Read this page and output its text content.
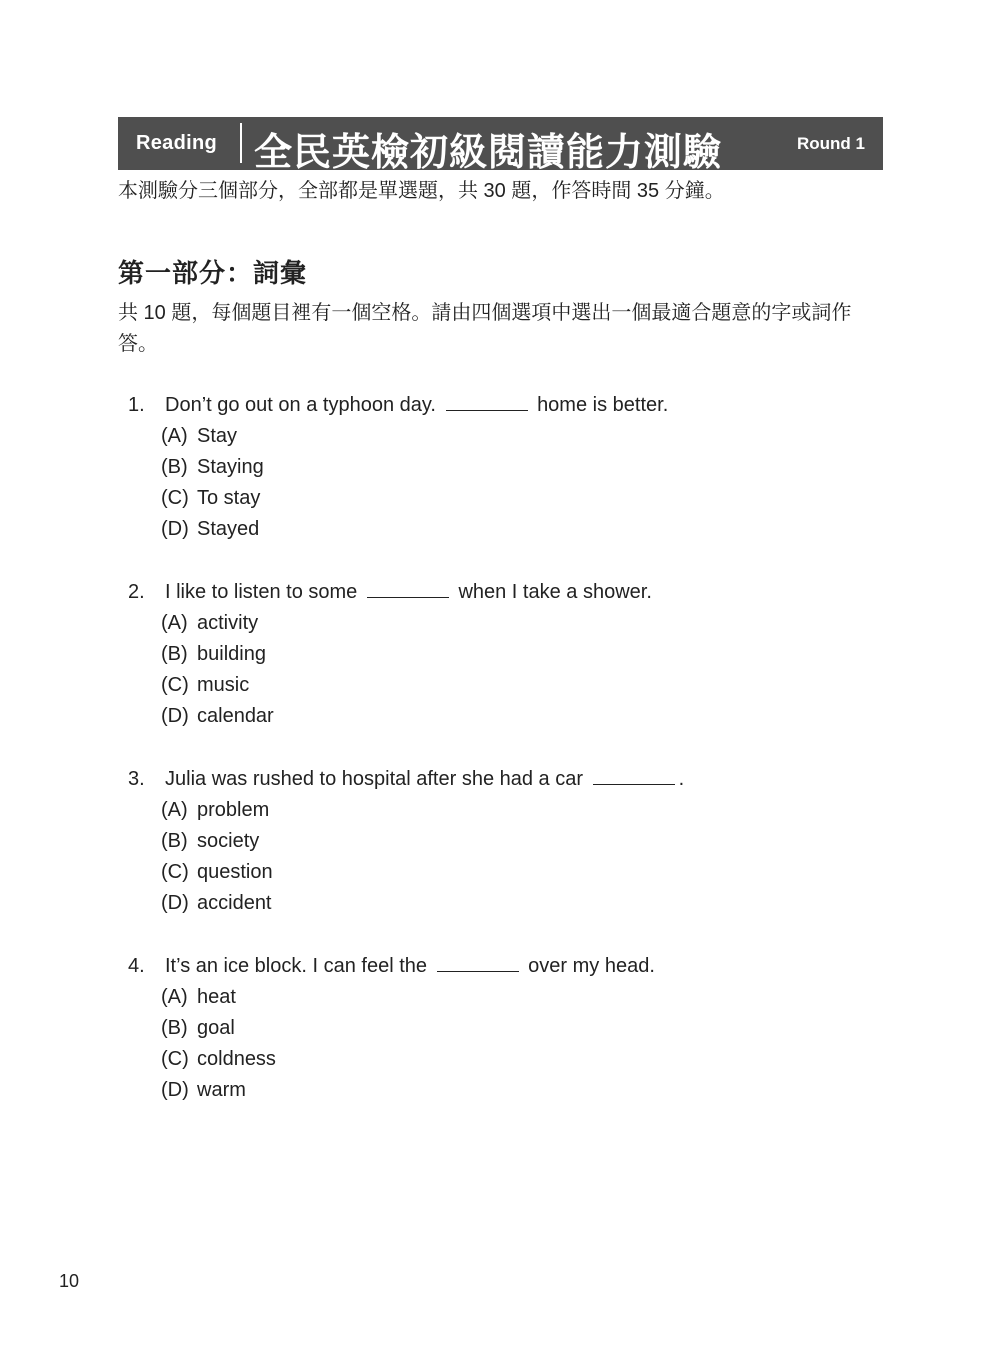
Reading 全民英檢初級閱讀能力測驗	Round 1
本測驗分三個部分，全部都是單選題，共 30 題，作答時間 35 分鐘。
第一部分：詞彙
共 10 題，每個題目裡有一個空格。請由四個選項中選出一個最適合題意的字或詞作答。
1. Don’t go out on a typhoon day.	home is better.
(A) Stay
(B) Staying
(C) To stay
(D) Stayed
2. I like to listen to some	when I take a shower.
(A) activity
(B) building
(C) music
(D) calendar
3. Julia was rushed to hospital after she had a car	.
(A) problem
(B) society
(C) question
(D) accident
4. It’s an ice block. I can feel the	over my head.
(A) heat
(B) goal
(C) coldness
(D) warm
10
